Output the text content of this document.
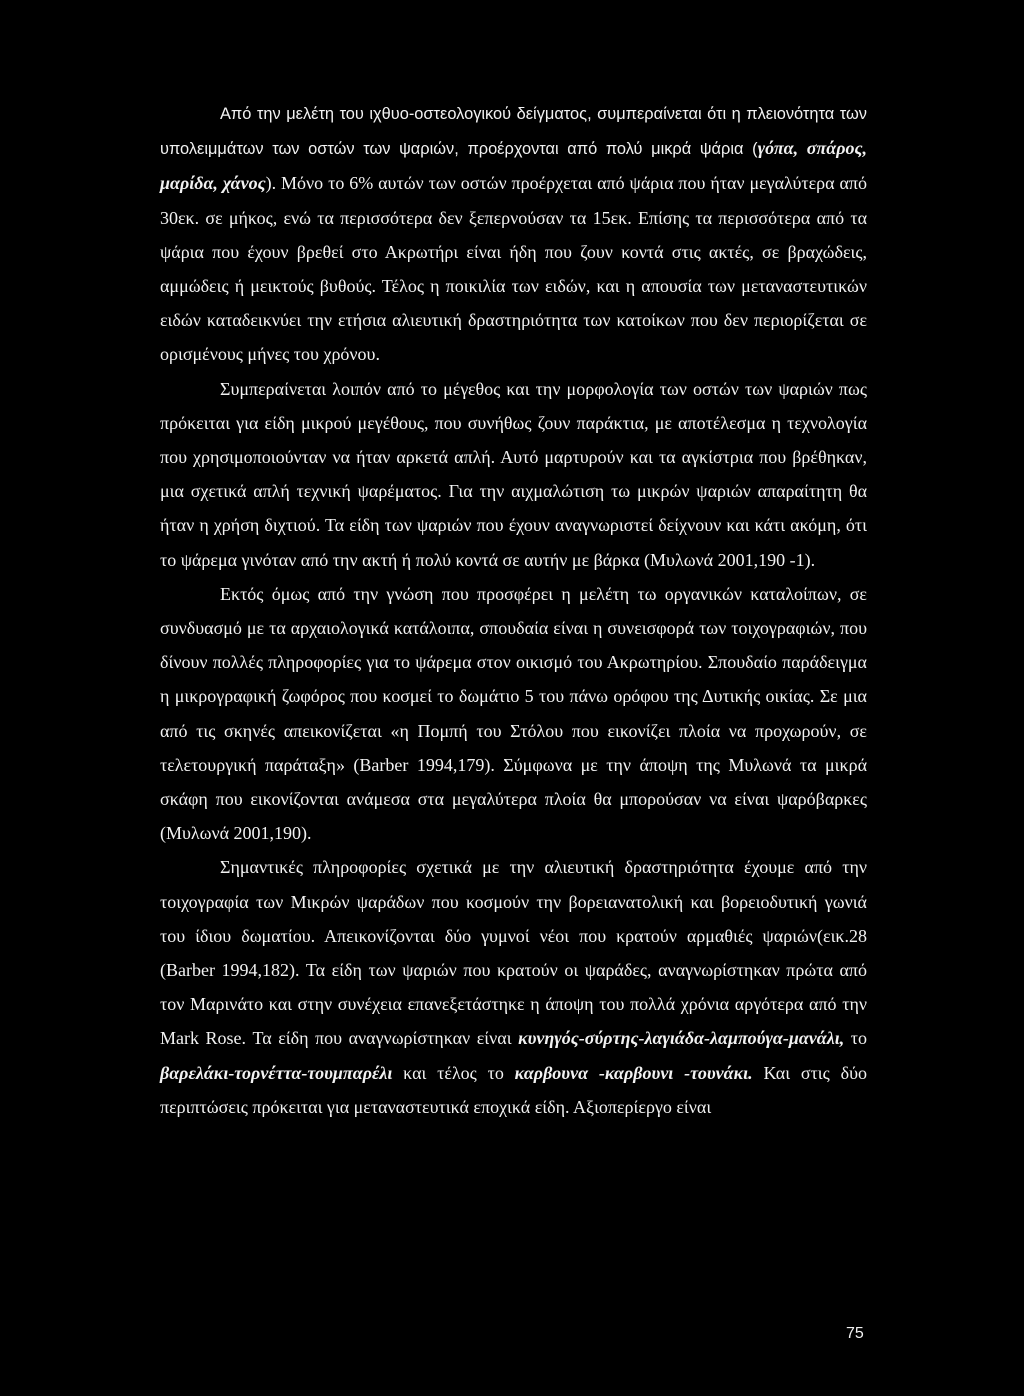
Από την μελέτη του ιχθυο-οστεολογικού δείγματος, συμπεραίνεται ότι η πλειονότητα των υπολειμμάτων των οστών των ψαριών, προέρχονται από πολύ μικρά ψάρια (γόπα, σπάρος, μαρίδα, χάνος). Μόνο το 6% αυτών των οστών προέρχεται από ψάρια που ήταν μεγαλύτερα από 30εκ. σε μήκος, ενώ τα περισσότερα δεν ξεπερνούσαν τα 15εκ. Επίσης τα περισσότερα από τα ψάρια που έχουν βρεθεί στο Ακρωτήρι είναι ήδη που ζουν κοντά στις ακτές, σε βραχώδεις, αμμώδεις ή μεικτούς βυθούς. Τέλος η ποικιλία των ειδών, και η απουσία των μεταναστευτικών ειδών καταδεικνύει την ετήσια αλιευτική δραστηριότητα των κατοίκων που δεν περιορίζεται σε ορισμένους μήνες του χρόνου.

Συμπεραίνεται λοιπόν από το μέγεθος και την μορφολογία των οστών των ψαριών πως πρόκειται για είδη μικρού μεγέθους, που συνήθως ζουν παράκτια, με αποτέλεσμα η τεχνολογία που χρησιμοποιούνταν να ήταν αρκετά απλή. Αυτό μαρτυρούν και τα αγκίστρια που βρέθηκαν, μια σχετικά απλή τεχνική ψαρέματος. Για την αιχμαλώτιση τω μικρών ψαριών απαραίτητη θα ήταν η χρήση διχτιού. Τα είδη των ψαριών που έχουν αναγνωριστεί δείχνουν και κάτι ακόμη, ότι το ψάρεμα γινόταν από την ακτή ή πολύ κοντά σε αυτήν με βάρκα (Μυλωνά 2001,190 -1).

Εκτός όμως από την γνώση που προσφέρει η μελέτη τω οργανικών καταλοίπων, σε συνδυασμό με τα αρχαιολογικά κατάλοιπα, σπουδαία είναι η συνεισφορά των τοιχογραφιών, που δίνουν πολλές πληροφορίες για το ψάρεμα στον οικισμό του Ακρωτηρίου. Σπουδαίο παράδειγμα η μικρογραφική ζωφόρος που κοσμεί το δωμάτιο 5 του πάνω ορόφου της Δυτικής οικίας. Σε μια από τις σκηνές απεικονίζεται «η Πομπή του Στόλου που εικονίζει πλοία να προχωρούν, σε τελετουργική παράταξη» (Barber 1994,179). Σύμφωνα με την άποψη της Μυλωνά τα μικρά σκάφη που εικονίζονται ανάμεσα στα μεγαλύτερα πλοία θα μπορούσαν να είναι ψαρόβαρκες (Μυλωνά 2001,190).

Σημαντικές πληροφορίες σχετικά με την αλιευτική δραστηριότητα έχουμε από την τοιχογραφία των Μικρών ψαράδων που κοσμούν την βορειανατολική και βορειοδυτική γωνιά του ίδιου δωματίου. Απεικονίζονται δύο γυμνοί νέοι που κρατούν αρμαθιές ψαριών(εικ.28 (Barber 1994,182). Τα είδη των ψαριών που κρατούν οι ψαράδες, αναγνωρίστηκαν πρώτα από τον Μαρινάτο και στην συνέχεια επανεξετάστηκε η άποψη του πολλά χρόνια αργότερα από την Mark Rose. Τα είδη που αναγνωρίστηκαν είναι κυνηγός-σύρτης-λαγιάδα-λαμπούγα-μανάλι, το βαρελάκι-τορνέττα-τουμπαρέλι και τέλος το καρβουνα -καρβουνι -τουνάκι. Και στις δύο περιπτώσεις πρόκειται για μεταναστευτικά εποχικά είδη. Αξιοπερίεργο είναι

75
